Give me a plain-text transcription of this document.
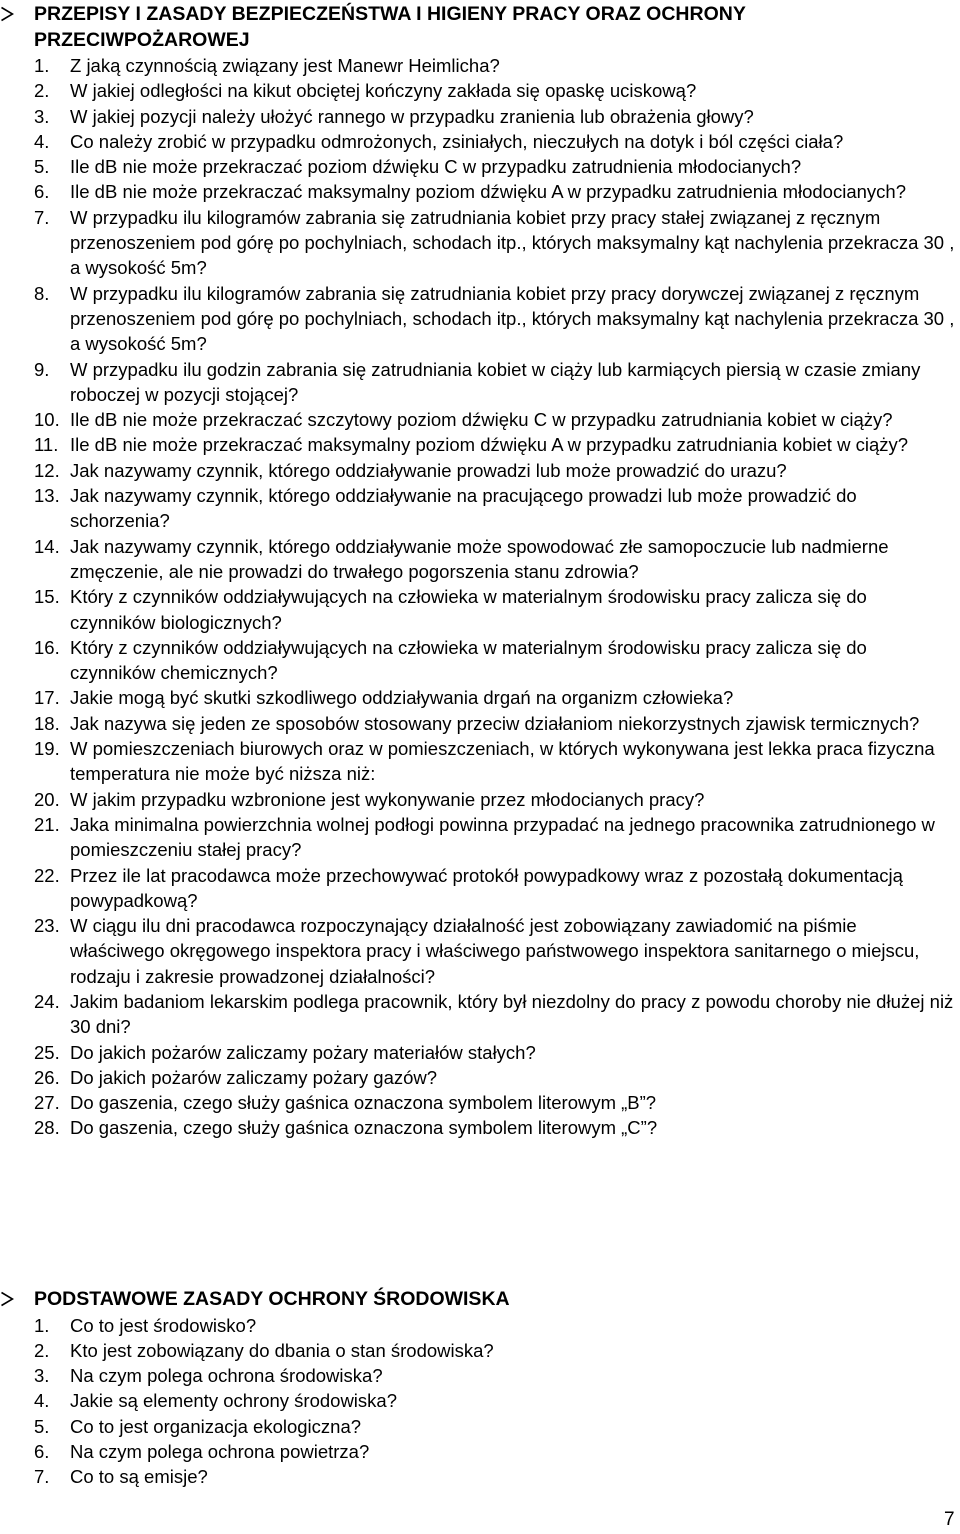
PRZEPISY I ZASADY BEZPIECZEŃSTWA I HIGIENY PRACY ORAZ OCHRONY PRZECIWPOŻAROWEJ
1. Z jaką czynnością związany jest Manewr Heimlicha?
2. W jakiej odległości na kikut obciętej kończyny zakłada się opaskę uciskową?
3. W jakiej pozycji należy ułożyć rannego w przypadku zranienia lub obrażenia głowy?
4. Co należy zrobić w przypadku odmrożonych, zsiniałych, nieczułych na dotyk i ból części ciała?
5. Ile dB nie może przekraczać poziom dźwięku C w przypadku zatrudnienia młodocianych?
6. Ile dB nie może przekraczać maksymalny poziom dźwięku A w przypadku zatrudnienia młodocianych?
7. W przypadku ilu kilogramów zabrania się zatrudniania kobiet przy pracy stałej związanej z ręcznym przenoszeniem pod górę po pochylniach, schodach itp., których maksymalny kąt nachylenia przekracza 30 , a wysokość 5m?
8. W przypadku ilu kilogramów zabrania się zatrudniania kobiet przy pracy dorywczej związanej z ręcznym przenoszeniem pod górę po pochylniach, schodach itp., których maksymalny kąt nachylenia przekracza 30 , a wysokość 5m?
9. W przypadku ilu godzin zabrania się zatrudniania kobiet w ciąży lub karmiących piersią w czasie zmiany roboczej w pozycji stojącej?
10. Ile dB nie może przekraczać szczytowy poziom dźwięku C w przypadku zatrudniania kobiet w ciąży?
11. Ile dB nie może przekraczać maksymalny poziom dźwięku A w przypadku zatrudniania kobiet w ciąży?
12. Jak nazywamy czynnik, którego oddziaływanie prowadzi lub może prowadzić do urazu?
13. Jak nazywamy czynnik, którego oddziaływanie na pracującego prowadzi lub może prowadzić do schorzenia?
14. Jak nazywamy czynnik, którego oddziaływanie może spowodować złe samopoczucie lub nadmierne zmęczenie, ale nie prowadzi do trwałego pogorszenia stanu zdrowia?
15. Który z czynników oddziaływujących na człowieka w materialnym środowisku pracy zalicza się do czynników biologicznych?
16. Który z czynników oddziaływujących na człowieka w materialnym środowisku pracy zalicza się do czynników chemicznych?
17. Jakie mogą być skutki szkodliwego oddziaływania drgań na organizm człowieka?
18. Jak nazywa się jeden ze sposobów stosowany przeciw działaniom niekorzystnych zjawisk termicznych?
19. W pomieszczeniach biurowych oraz w pomieszczeniach, w których wykonywana jest lekka praca fizyczna temperatura nie może być niższa niż:
20. W jakim przypadku wzbronione jest wykonywanie przez młodocianych pracy?
21. Jaka minimalna powierzchnia wolnej podłogi powinna przypadać na jednego pracownika zatrudnionego w pomieszczeniu stałej pracy?
22. Przez ile lat pracodawca może przechowywać protokół powypadkowy wraz z pozostałą dokumentacją powypadkową?
23. W ciągu ilu dni pracodawca rozpoczynający działalność jest zobowiązany zawiadomić na piśmie właściwego okręgowego inspektora pracy i właściwego państwowego inspektora sanitarnego o miejscu, rodzaju i zakresie prowadzonej działalności?
24. Jakim badaniom lekarskim podlega pracownik, który był niezdolny do pracy z powodu choroby nie dłużej niż 30 dni?
25. Do jakich pożarów zaliczamy pożary materiałów stałych?
26. Do jakich pożarów zaliczamy pożary gazów?
27. Do gaszenia, czego służy gaśnica oznaczona symbolem literowym „B”?
28. Do gaszenia, czego służy gaśnica oznaczona symbolem literowym „C”?
PODSTAWOWE ZASADY OCHRONY ŚRODOWISKA
1. Co to jest środowisko?
2. Kto jest zobowiązany do dbania o stan środowiska?
3. Na czym polega ochrona środowiska?
4. Jakie są elementy ochrony środowiska?
5. Co to jest organizacja ekologiczna?
6. Na czym polega ochrona powietrza?
7. Co to są emisje?
7
